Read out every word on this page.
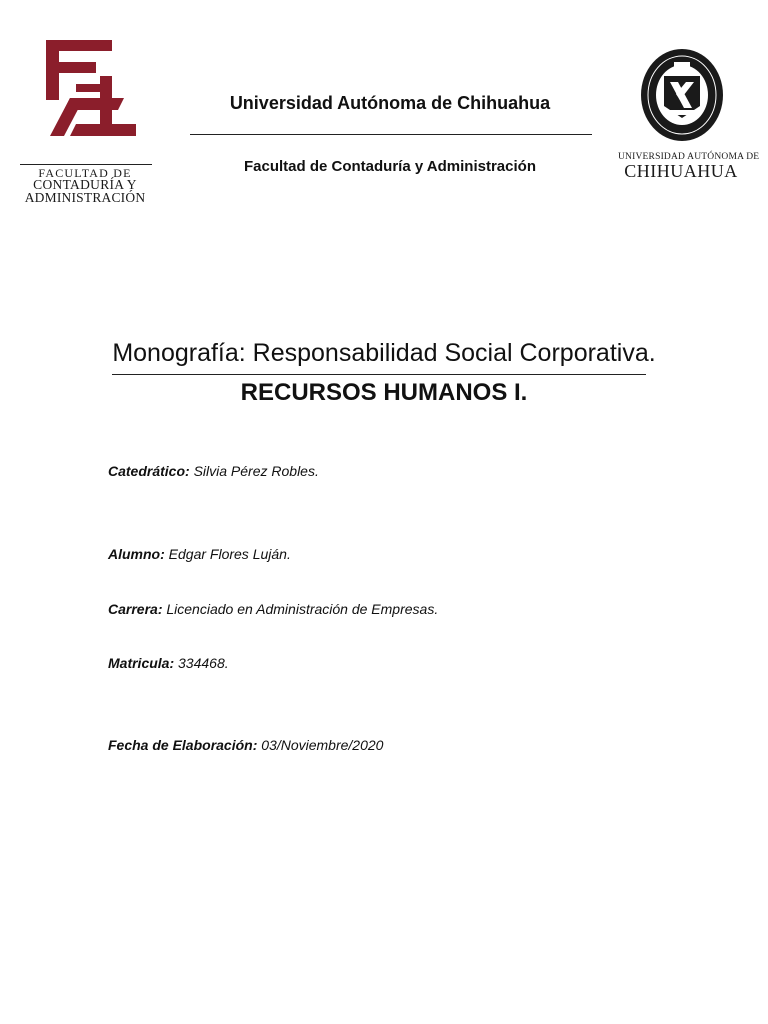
FACULTAD DE
CONTADURÍA Y
ADMINISTRACIÓN
Universidad Autónoma de Chihuahua
Facultad de Contaduría y Administración
UNIVERSIDAD AUTÓNOMA DE
CHIHUAHUA
Monografía: Responsabilidad Social Corporativa.
RECURSOS HUMANOS I.
Catedrático: Silvia Pérez Robles.
Alumno: Edgar Flores Luján.
Carrera: Licenciado en Administración de Empresas.
Matricula: 334468.
Fecha de Elaboración: 03/Noviembre/2020
